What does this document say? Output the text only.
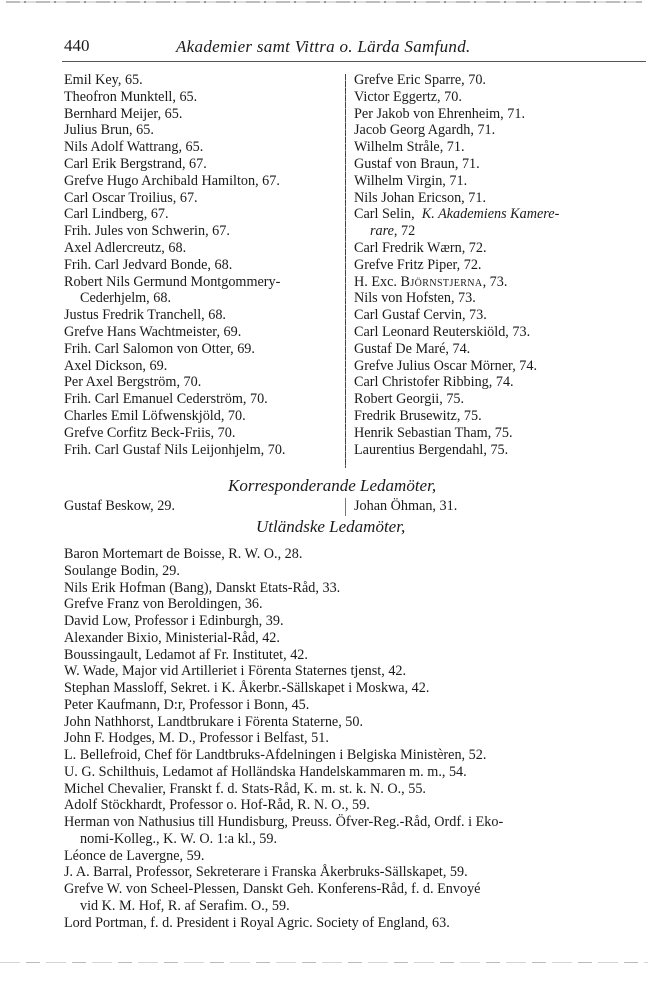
440	Akademier samt Vittra o. Lärda Samfund.
Emil Key, 65.
Theofron Munktell, 65.
Bernhard Meijer, 65.
Julius Brun, 65.
Nils Adolf Wattrang, 65.
Carl Erik Bergstrand, 67.
Grefve Hugo Archibald Hamilton, 67.
Carl Oscar Troilius, 67.
Carl Lindberg, 67.
Frih. Jules von Schwerin, 67.
Axel Adlercreutz, 68.
Frih. Carl Jedvard Bonde, 68.
Robert Nils Germund Montgommery-
Cederhjelm, 68.
Justus Fredrik Tranchell, 68.
Grefve Hans Wachtmeister, 69.
Frih. Carl Salomon von Otter, 69.
Axel Dickson, 69.
Per Axel Bergström, 70.
Frih. Carl Emanuel Cederström, 70.
Charles Emil Löfwenskjöld, 70.
Grefve Corfitz Beck-Friis, 70.
Frih. Carl Gustaf Nils Leijonhjelm, 70.
Grefve Eric Sparre, 70.
Victor Eggertz, 70.
Per Jakob von Ehrenheim, 71.
Jacob Georg Agardh, 71.
Wilhelm Stråle, 71.
Gustaf von Braun, 71.
Wilhelm Virgin, 71.
Nils Johan Ericson, 71.
Carl Selin, K. Akademiens Kamere-
rare, 72
Carl Fredrik Wærn, 72.
Grefve Fritz Piper, 72.
H. Exc. Björnstjerna, 73.
Nils von Hofsten, 73.
Carl Gustaf Cervin, 73.
Carl Leonard Reuterskiöld, 73.
Gustaf De Maré, 74.
Grefve Julius Oscar Mörner, 74.
Carl Christofer Ribbing, 74.
Robert Georgii, 75.
Fredrik Brusewitz, 75.
Henrik Sebastian Tham, 75.
Laurentius Bergendahl, 75.
Korresponderande Ledamöter,
Gustaf Beskow, 29.	Johan Öhman, 31.
Utländske Ledamöter,
Baron Mortemart de Boisse, R. W. O., 28.
Soulange Bodin, 29.
Nils Erik Hofman (Bang), Danskt Etats-Råd, 33.
Grefve Franz von Beroldingen, 36.
David Low, Professor i Edinburgh, 39.
Alexander Bixio, Ministerial-Råd, 42.
Boussingault, Ledamot af Fr. Institutet, 42.
W. Wade, Major vid Artilleriet i Förenta Staternes tjenst, 42.
Stephan Massloff, Sekret. i K. Åkerbr.-Sällskapet i Moskwa, 42.
Peter Kaufmann, D:r, Professor i Bonn, 45.
John Nathhorst, Landtbrukare i Förenta Staterne, 50.
John F. Hodges, M. D., Professor i Belfast, 51.
L. Bellefroid, Chef för Landtbruks-Afdelningen i Belgiska Ministèren, 52.
U. G. Schilthuis, Ledamot af Holländska Handelskammaren m. m., 54.
Michel Chevalier, Franskt f. d. Stats-Råd, K. m. st. k. N. O., 55.
Adolf Stöckhardt, Professor o. Hof-Råd, R. N. O., 59.
Herman von Nathusius till Hundisburg, Preuss. Öfver-Reg.-Råd, Ordf. i Eko-
nomi-Kolleg., K. W. O. 1:a kl., 59.
Léonce de Lavergne, 59.
J. A. Barral, Professor, Sekreterare i Franska Åkerbruks-Sällskapet, 59.
Grefve W. von Scheel-Plessen, Danskt Geh. Konferens-Råd, f. d. Envoyé
vid K. M. Hof, R. af Serafim. O., 59.
Lord Portman, f. d. President i Royal Agric. Society of England, 63.
